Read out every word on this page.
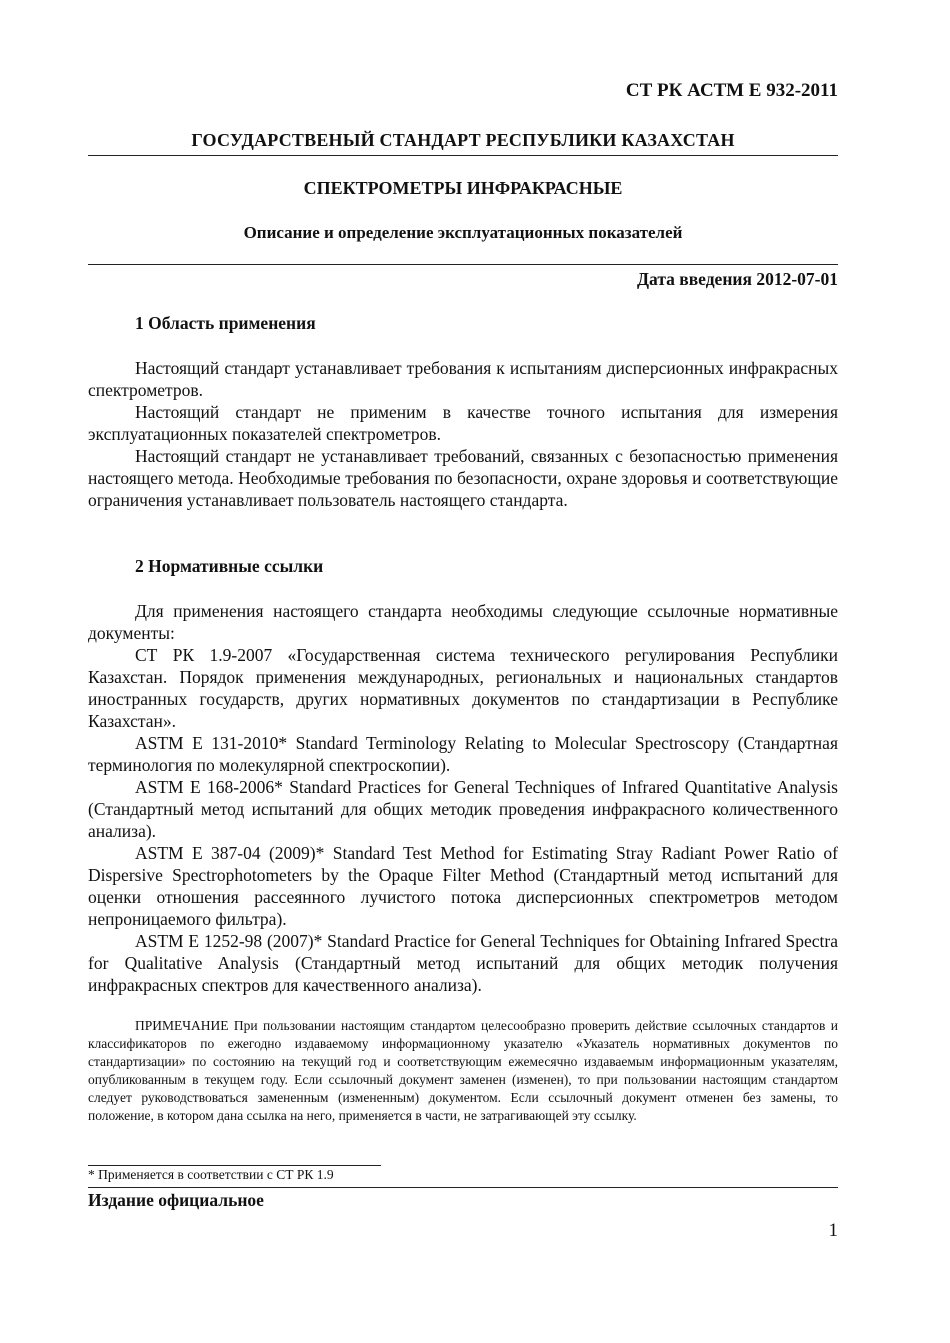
СТ РК АСТМ Е 932-2011
ГОСУДАРСТВЕНЫЙ СТАНДАРТ РЕСПУБЛИКИ КАЗАХСТАН
СПЕКТРОМЕТРЫ ИНФРАКРАСНЫЕ
Описание и определение эксплуатационных показателей
Дата введения 2012-07-01
1 Область применения

Настоящий стандарт устанавливает требования к испытаниям дисперсионных инфракрасных спектрометров.

Настоящий стандарт не применим в качестве точного испытания для измерения эксплуатационных показателей спектрометров.

Настоящий стандарт не устанавливает требований, связанных с безопасностью применения настоящего метода. Необходимые требования по безопасности, охране здоровья и соответствующие ограничения устанавливает пользователь настоящего стандарта.

2 Нормативные ссылки

Для применения настоящего стандарта необходимы следующие ссылочные нормативные документы:

СТ РК 1.9-2007 «Государственная система технического регулирования Республики Казахстан. Порядок применения международных, региональных и национальных стандартов иностранных государств, других нормативных документов по стандартизации в Республике Казахстан».

ASTM E 131-2010* Standard Terminology Relating to Molecular Spectroscopy (Стандартная терминология по молекулярной спектроскопии).

ASTM E 168-2006* Standard Practices for General Techniques of Infrared Quantitative Analysis (Стандартный метод испытаний для общих методик проведения инфракрасного количественного анализа).

ASTM E 387-04 (2009)* Standard Test Method for Estimating Stray Radiant Power Ratio of Dispersive Spectrophotometers by the Opaque Filter Method (Стандартный метод испытаний для оценки отношения рассеянного лучистого потока дисперсионных спектрометров методом непроницаемого фильтра).

ASTM E 1252-98 (2007)* Standard Practice for General Techniques for Obtaining Infrared Spectra for Qualitative Analysis (Стандартный метод испытаний для общих методик получения инфракрасных спектров для качественного анализа).

ПРИМЕЧАНИЕ При пользовании настоящим стандартом целесообразно проверить действие ссылочных стандартов и классификаторов по ежегодно издаваемому информационному указателю «Указатель нормативных документов по стандартизации» по состоянию на текущий год и соответствующим ежемесячно издаваемым информационным указателям, опубликованным в текущем году. Если ссылочный документ заменен (изменен), то при пользовании настоящим стандартом следует руководствоваться замененным (измененным) документом. Если ссылочный документ отменен без замены, то положение, в котором дана ссылка на него, применяется в части, не затрагивающей эту ссылку.

* Применяется в соответствии с СТ РК 1.9
Издание официальное
1
